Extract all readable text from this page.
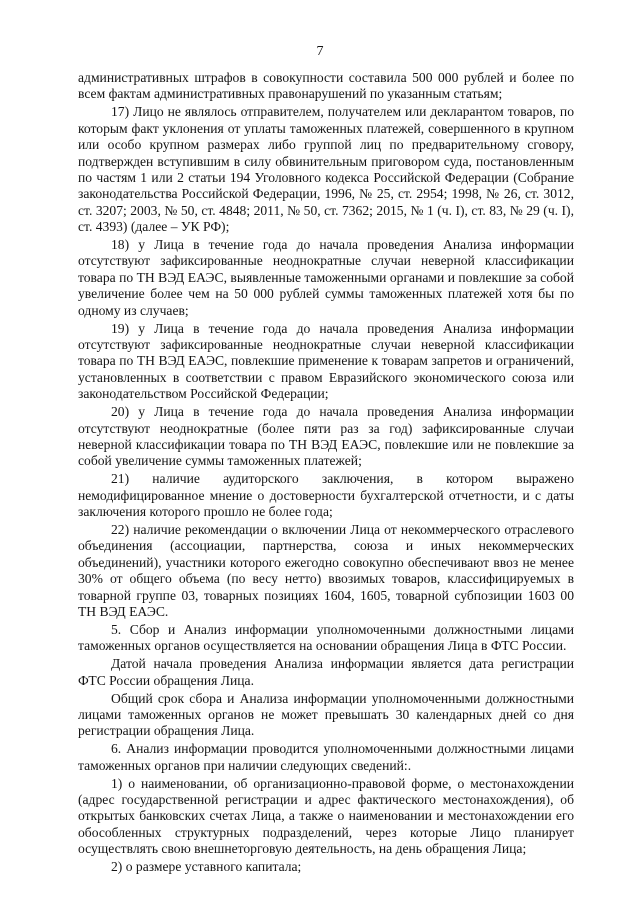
7

административных штрафов в совокупности составила 500 000 рублей и более по всем фактам административных правонарушений по указанным статьям;

17) Лицо не являлось отправителем, получателем или декларантом товаров, по которым факт уклонения от уплаты таможенных платежей, совершенного в крупном или особо крупном размерах либо группой лиц по предварительному сговору, подтвержден вступившим в силу обвинительным приговором суда, постановленным по частям 1 или 2 статьи 194 Уголовного кодекса Российской Федерации (Собрание законодательства Российской Федерации, 1996, № 25, ст. 2954; 1998, № 26, ст. 3012, ст. 3207; 2003, № 50, ст. 4848; 2011, № 50, ст. 7362; 2015, № 1 (ч. I), ст. 83, № 29 (ч. I), ст. 4393) (далее – УК РФ);

18) у Лица в течение года до начала проведения Анализа информации отсутствуют зафиксированные неоднократные случаи неверной классификации товара по ТН ВЭД ЕАЭС, выявленные таможенными органами и повлекшие за собой увеличение более чем на 50 000 рублей суммы таможенных платежей хотя бы по одному из случаев;

19) у Лица в течение года до начала проведения Анализа информации отсутствуют зафиксированные неоднократные случаи неверной классификации товара по ТН ВЭД ЕАЭС, повлекшие применение к товарам запретов и ограничений, установленных в соответствии с правом Евразийского экономического союза или законодательством Российской Федерации;

20) у Лица в течение года до начала проведения Анализа информации отсутствуют неоднократные (более пяти раз за год) зафиксированные случаи неверной классификации товара по ТН ВЭД ЕАЭС, повлекшие или не повлекшие за собой увеличение суммы таможенных платежей;

21) наличие аудиторского заключения, в котором выражено немодифицированное мнение о достоверности бухгалтерской отчетности, и с даты заключения которого прошло не более года;

22) наличие рекомендации о включении Лица от некоммерческого отраслевого объединения (ассоциации, партнерства, союза и иных некоммерческих объединений), участники которого ежегодно совокупно обеспечивают ввоз не менее 30% от общего объема (по весу нетто) ввозимых товаров, классифицируемых в товарной группе 03, товарных позициях 1604, 1605, товарной субпозиции 1603 00 ТН ВЭД ЕАЭС.

5. Сбор и Анализ информации уполномоченными должностными лицами таможенных органов осуществляется на основании обращения Лица в ФТС России.

Датой начала проведения Анализа информации является дата регистрации ФТС России обращения Лица.

Общий срок сбора и Анализа информации уполномоченными должностными лицами таможенных органов не может превышать 30 календарных дней со дня регистрации обращения Лица.

6. Анализ информации проводится уполномоченными должностными лицами таможенных органов при наличии следующих сведений:.

1) о наименовании, об организационно-правовой форме, о местонахождении (адрес государственной регистрации и адрес фактического местонахождения), об открытых банковских счетах Лица, а также о наименовании и местонахождении его обособленных структурных подразделений, через которые Лицо планирует осуществлять свою внешнеторговую деятельность, на день обращения Лица;

2) о размере уставного капитала;
